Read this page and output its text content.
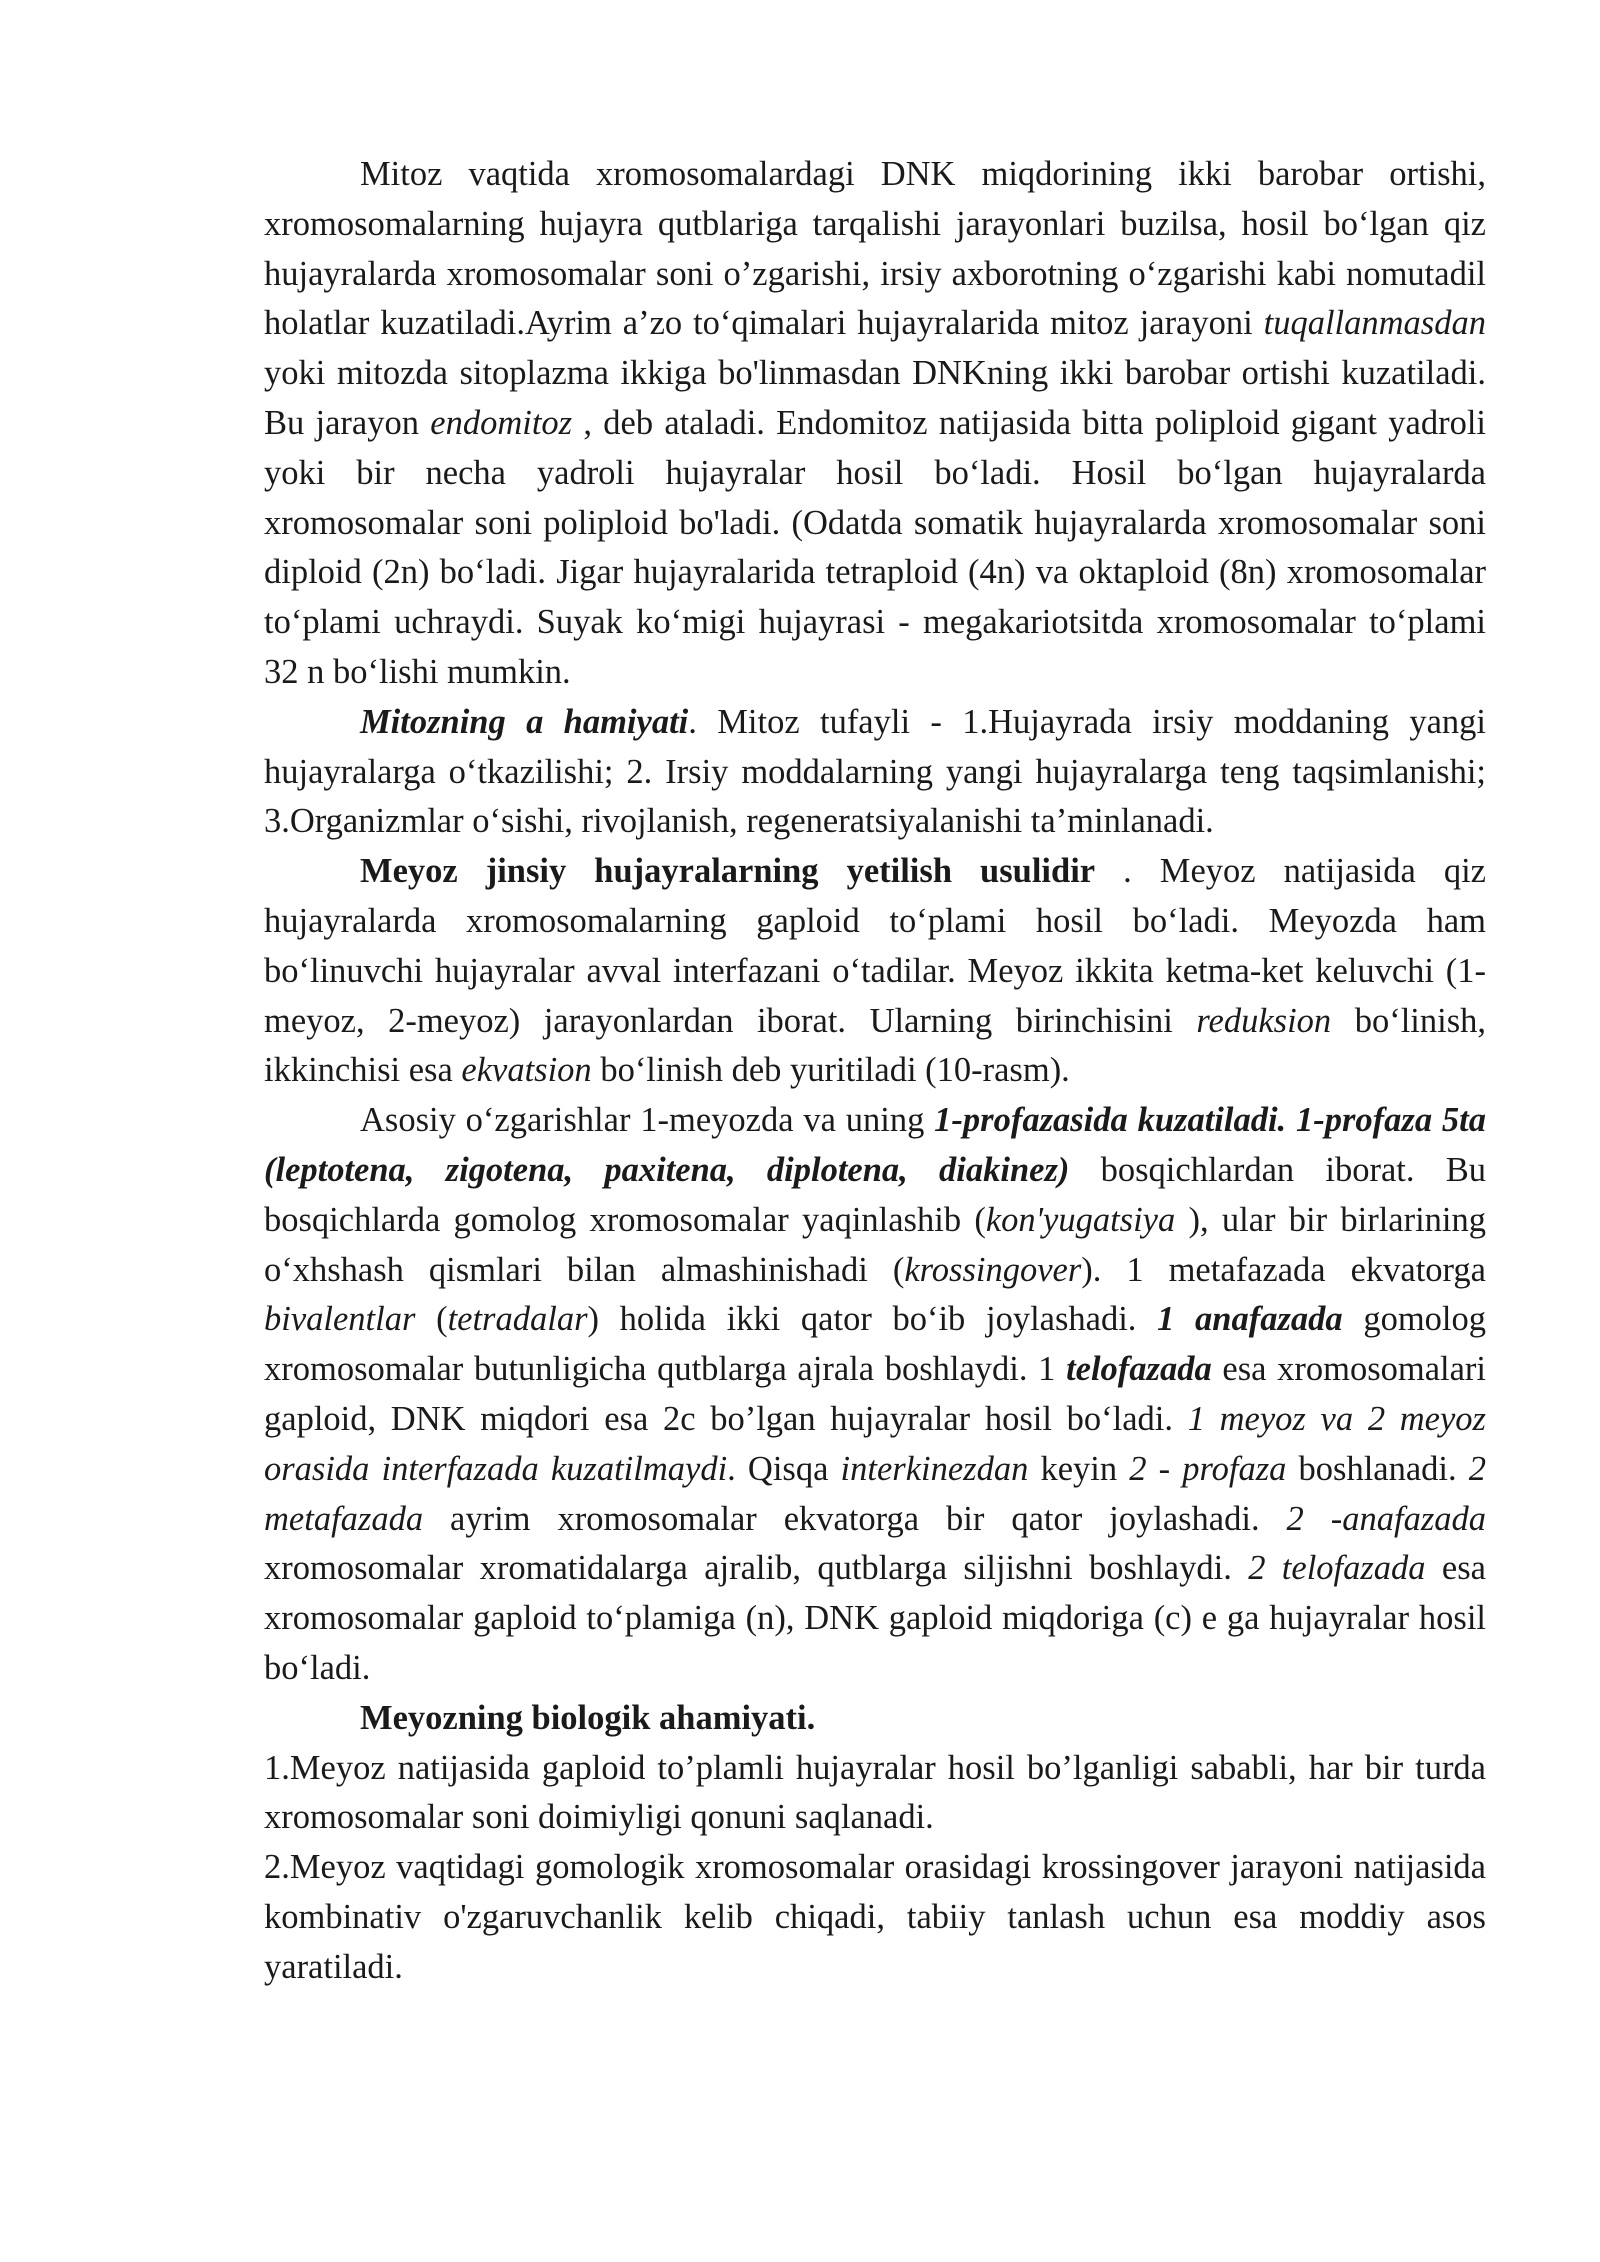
Mitoz vaqtida xromosomalardagi DNK miqdorining ikki barobar ortishi, xromosomalarning hujayra qutblariga tarqalishi jarayonlari buzilsa, hosil bo‘lgan qiz hujayralarda xromosomalar soni o’zgarishi, irsiy axborotning o‘zgarishi kabi nomutadil holatlar kuzatiladi.Ayrim a’zo to‘qimalari hujayralarida mitoz jarayoni tuqallanmasdan yoki mitozda sitoplazma ikkiga bo'linmasdan DNKning ikki barobar ortishi kuzatiladi. Bu jarayon endomitoz , deb ataladi. Endomitoz natijasida bitta poliploid gigant yadroli yoki bir necha yadroli hujayralar hosil bo‘ladi. Hosil bo‘lgan hujayralarda xromosomalar soni poliploid bo'ladi. (Odatda somatik hujayralarda xromosomalar soni diploid (2n) bo‘ladi. Jigar hujayralarida tetraploid (4n) va oktaploid (8n) xromosomalar to‘plami uchraydi. Suyak ko‘migi hujayrasi - megakariotsitda xromosomalar to‘plami 32 n bo‘lishi mumkin.

Mitozning a hamiyati. Mitoz tufayli - 1.Hujayrada irsiy moddaning yangi hujayralarga o‘tkazilishi; 2. Irsiy moddalarning yangi hujayralarga teng taqsimlanishi; 3.Organizmlar o‘sishi, rivojlanish, regeneratsiyalanishi ta’minlanadi.

Meyoz jinsiy hujayralarning yetilish usulidir . Meyoz natijasida qiz hujayralarda xromosomalarning gaploid to‘plami hosil bo‘ladi. Meyozda ham bo‘linuvchi hujayralar avval interfazani o‘tadilar. Meyoz ikkita ketma-ket keluvchi (1-meyoz, 2-meyoz) jarayonlardan iborat. Ularning birinchisini reduksion bo‘linish, ikkinchisi esa ekvatsion bo‘linish deb yuritiladi (10-rasm).

Asosiy o‘zgarishlar 1-meyozda va uning 1-profazasida kuzatiladi. 1-profaza 5ta (leptotena, zigotena, paxitena, diplotena, diakinez) bosqichlardan iborat. Bu bosqichlarda gomolog xromosomalar yaqinlashib (kon'yugatsiya ), ular bir birlarining o‘xhshash qismlari bilan almashinishadi (krossingover). 1 metafazada ekvatorga bivalentlar (tetradalar) holida ikki qator bo‘ib joylashadi. 1 anafazada gomolog xromosomalar butunligicha qutblarga ajrala boshlaydi. 1 telofazada esa xromosomalari gaploid, DNK miqdori esa 2c bo’lgan hujayralar hosil bo‘ladi. 1 meyoz va 2 meyoz orasida interfazada kuzatilmaydi. Qisqa interkinezdan keyin 2 - profaza boshlanadi. 2 metafazada ayrim xromosomalar ekvatorga bir qator joylashadi. 2 -anafazada xromosomalar xromatidalarga ajralib, qutblarga siljishni boshlaydi. 2 telofazada esa xromosomalar gaploid to‘plamiga (n), DNK gaploid miqdoriga (c) e ga hujayralar hosil bo‘ladi.

Meyozning biologik ahamiyati.

1.Meyoz natijasida gaploid to’plamli hujayralar hosil bo’lganligi sababli, har bir turda xromosomalar soni doimiyligi qonuni saqlanadi.

2.Meyoz vaqtidagi gomologik xromosomalar orasidagi krossingover jarayoni natijasida kombinativ o'zgaruvchanlik kelib chiqadi, tabiiy tanlash uchun esa moddiy asos yaratiladi.
